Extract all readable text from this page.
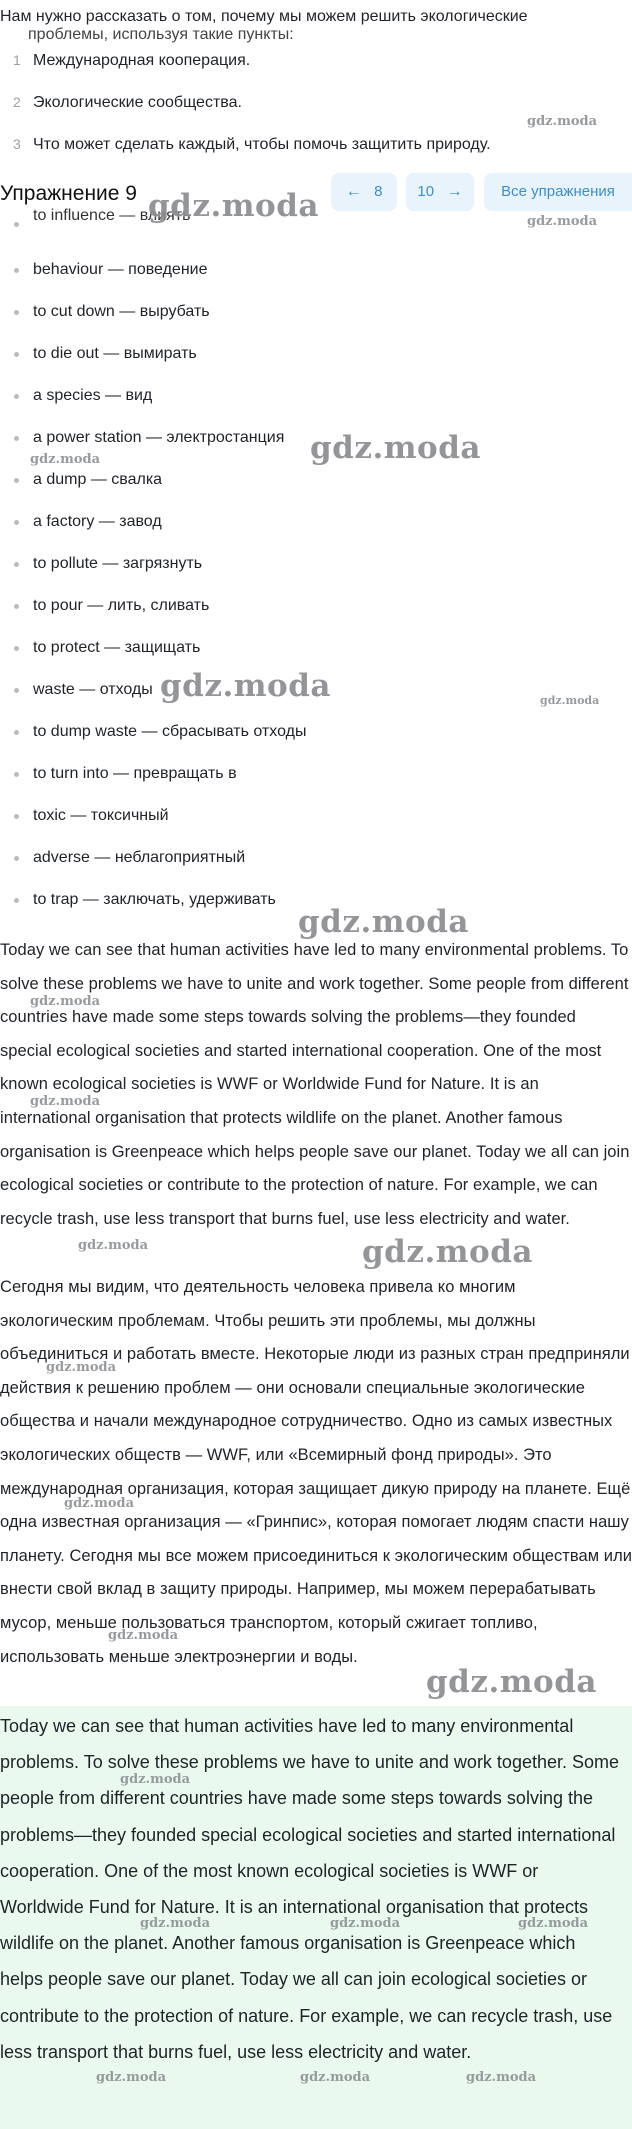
Нам нужно рассказать о том, почему мы можем решить экологические
проблемы, используя такие пункты:
1 Международная кооперация.
2 Экологические сообщества.
3 Что может сделать каждый, чтобы помочь защитить природу.
Упражнение 9	← 8	10 →	Все упражнения
to influence — влиять
behaviour — поведение
to cut down — вырубать
to die out — вымирать
a species — вид
a power station — электростанция
a dump — свалка
a factory — завод
to pollute — загрязнуть
to pour — лить, сливать
to protect — защищать
waste — отходы
to dump waste — сбрасывать отходы
to turn into — превращать в
toxic — токсичный
adverse — неблагоприятный
to trap — заключать, удерживать

Today we can see that human activities have led to many environmental problems. To solve these problems we have to unite and work together. Some people from different countries have made some steps towards solving the problems—they founded special ecological societies and started international cooperation. One of the most known ecological societies is WWF or Worldwide Fund for Nature. It is an international organisation that protects wildlife on the planet. Another famous organisation is Greenpeace which helps people save our planet. Today we all can join ecological societies or contribute to the protection of nature. For example, we can recycle trash, use less transport that burns fuel, use less electricity and water.

Сегодня мы видим, что деятельность человека привела ко многим экологическим проблемам. Чтобы решить эти проблемы, мы должны объединиться и работать вместе. Некоторые люди из разных стран предприняли действия к решению проблем — они основали специальные экологические общества и начали международное сотрудничество. Одно из самых известных экологических обществ — WWF, или «Всемирный фонд природы». Это международная организация, которая защищает дикую природу на планете. Ещё одна известная организация — «Гринпис», которая помогает людям спасти нашу планету. Сегодня мы все можем присоединиться к экологическим обществам или внести свой вклад в защиту природы. Например, мы можем перерабатывать мусор, меньше пользоваться транспортом, который сжигает топливо, использовать меньше электроэнергии и воды.

Today we can see that human activities have led to many environmental problems. To solve these problems we have to unite and work together. Some people from different countries have made some steps towards solving the problems—they founded special ecological societies and started international cooperation. One of the most known ecological societies is WWF or Worldwide Fund for Nature. It is an international organisation that protects wildlife on the planet. Another famous organisation is Greenpeace which helps people save our planet. Today we all can join ecological societies or contribute to the protection of nature. For example, we can recycle trash, use less transport that burns fuel, use less electricity and water.

gdz.moda
gdz.moda
gdz.moda
gdz.moda
gdz.moda
gdz.moda	gdz.moda
gdz.moda
gdz.moda
gdz.moda
gdz.moda	gdz.moda
gdz.moda
gdz.moda
gdz.moda
gdz.moda
gdz.moda
gdz.moda	gdz.moda	gdz.moda
gdz.moda	gdz.moda	gdz.moda
